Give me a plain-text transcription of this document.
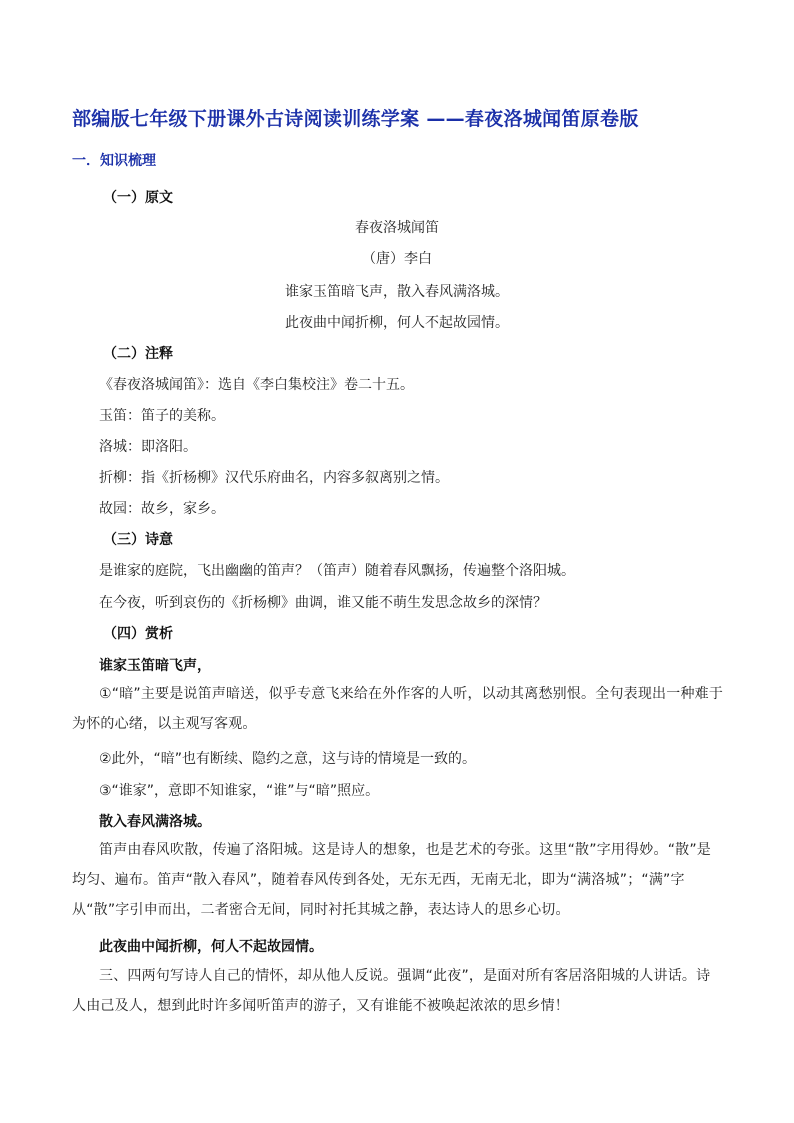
部编版七年级下册课外古诗阅读训练学案 ——春夜洛城闻笛原卷版
一．知识梳理
（一）原文
春夜洛城闻笛
（唐）李白
谁家玉笛暗飞声，散入春风满洛城。
此夜曲中闻折柳，何人不起故园情。
（二）注释
《春夜洛城闻笛》：选自《李白集校注》卷二十五。
玉笛：笛子的美称。
洛城：即洛阳。
折柳：指《折杨柳》汉代乐府曲名，内容多叙离别之情。
故园：故乡，家乡。
（三）诗意
是谁家的庭院，飞出幽幽的笛声？（笛声）随着春风飘扬，传遍整个洛阳城。
在今夜，听到哀伤的《折杨柳》曲调，谁又能不萌生发思念故乡的深情？
（四）赏析
谁家玉笛暗飞声，
①“暗”主要是说笛声暗送，似乎专意飞来给在外作客的人听，以动其离愁别恨。全句表现出一种难于为怀的心绪，以主观写客观。
②此外，“暗”也有断续、隐约之意，这与诗的情境是一致的。
③“谁家”，意即不知谁家，“谁”与“暗”照应。
散入春风满洛城。
笛声由春风吹散，传遍了洛阳城。这是诗人的想象，也是艺术的夸张。这里“散”字用得妙。“散”是均匀、遍布。笛声“散入春风”，随着春风传到各处，无东无西，无南无北，即为“满洛城”；“满”字从“散”字引申而出，二者密合无间，同时衬托其城之静，表达诗人的思乡心切。
此夜曲中闻折柳，何人不起故园情。
三、四两句写诗人自己的情怀，却从他人反说。强调“此夜”，是面对所有客居洛阳城的人讲话。诗人由己及人，想到此时许多闻听笛声的游子，又有谁能不被唤起浓浓的思乡情！
